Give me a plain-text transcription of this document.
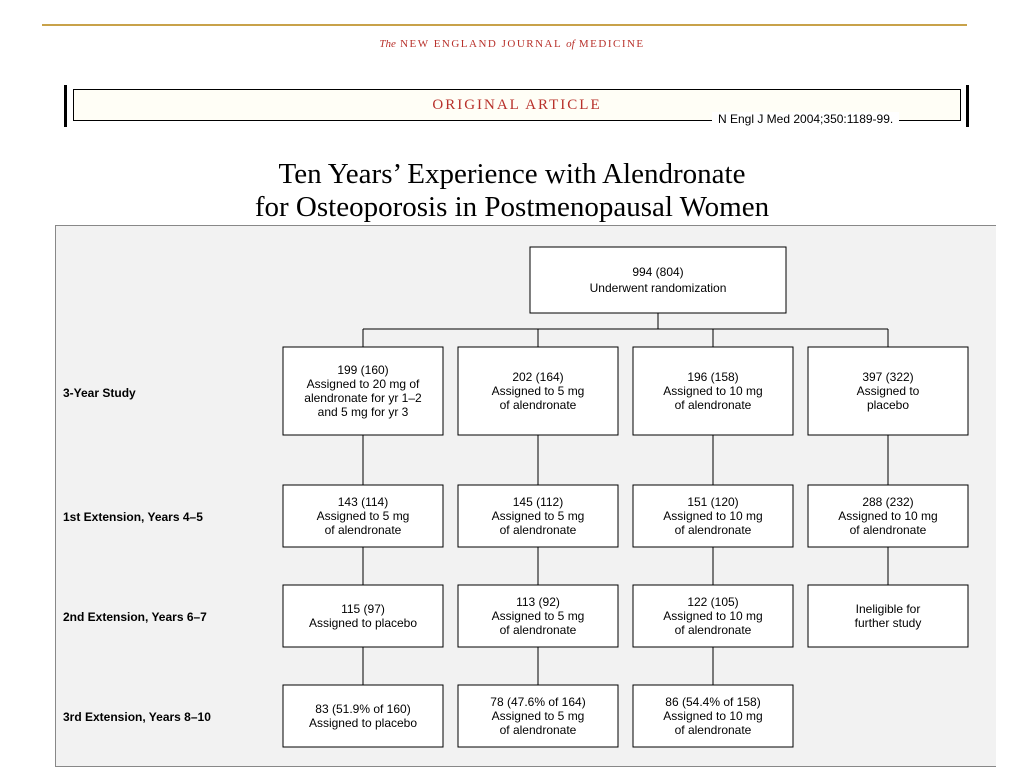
The NEW ENGLAND JOURNAL of MEDICINE
ORIGINAL ARTICLE
N Engl J Med 2004;350:1189-99.
Ten Years’ Experience with Alendronate
for Osteoporosis in Postmenopausal Women
994 (804)
Underwent randomization
3-Year Study
199 (160)
Assigned to 20 mg of
alendronate for yr 1–2
and 5 mg for yr 3
202 (164)
Assigned to 5 mg
of alendronate
196 (158)
Assigned to 10 mg
of alendronate
397 (322)
Assigned to
placebo
1st Extension, Years 4–5
143 (114)
Assigned to 5 mg
of alendronate
145 (112)
Assigned to 5 mg
of alendronate
151 (120)
Assigned to 10 mg
of alendronate
288 (232)
Assigned to 10 mg
of alendronate
2nd Extension, Years 6–7
115 (97)
Assigned to placebo
113 (92)
Assigned to 5 mg
of alendronate
122 (105)
Assigned to 10 mg
of alendronate
Ineligible for
further study
3rd Extension, Years 8–10
83 (51.9% of 160)
Assigned to placebo
78 (47.6% of 164)
Assigned to 5 mg
of alendronate
86 (54.4% of 158)
Assigned to 10 mg
of alendronate
